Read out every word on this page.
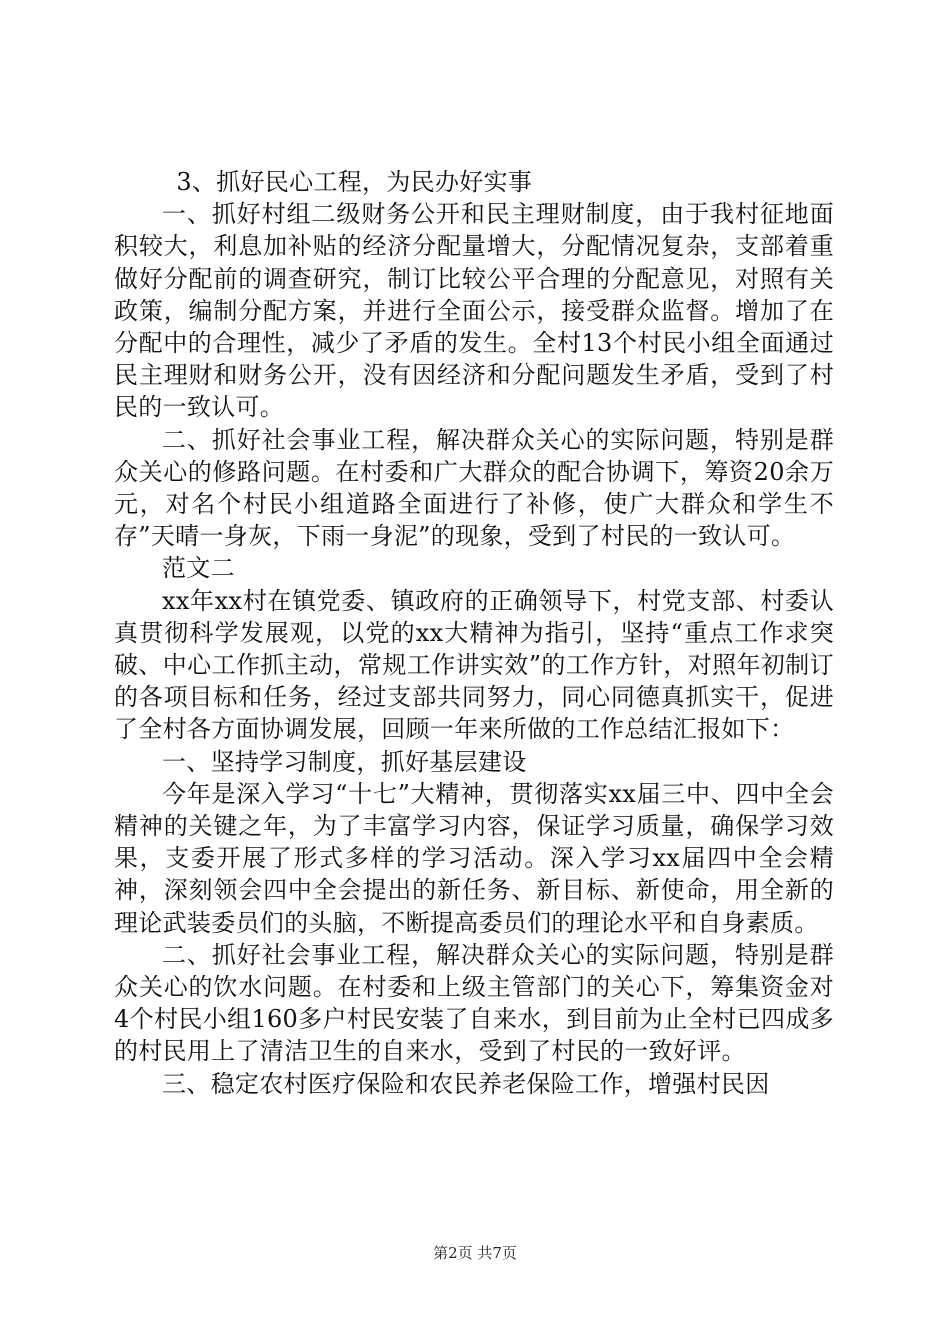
3、抓好民心工程，为民办好实事

一、抓好村组二级财务公开和民主理财制度，由于我村征地面积较大，利息加补贴的经济分配量增大，分配情况复杂，支部着重做好分配前的调查研究，制订比较公平合理的分配意见，对照有关政策，编制分配方案，并进行全面公示，接受群众监督。增加了在分配中的合理性，减少了矛盾的发生。全村13个村民小组全面通过民主理财和财务公开，没有因经济和分配问题发生矛盾，受到了村民的一致认可。

二、抓好社会事业工程，解决群众关心的实际问题，特别是群众关心的修路问题。在村委和广大群众的配合协调下，筹资20余万元，对名个村民小组道路全面进行了补修，使广大群众和学生不存”天晴一身灰，下雨一身泥”的现象，受到了村民的一致认可。

范文二

xx年xx村在镇党委、镇政府的正确领导下，村党支部、村委认真贯彻科学发展观，以党的xx大精神为指引，坚持“重点工作求突破、中心工作抓主动，常规工作讲实效”的工作方针，对照年初制订的各项目标和任务，经过支部共同努力，同心同德真抓实干，促进了全村各方面协调发展，回顾一年来所做的工作总结汇报如下：

一、坚持学习制度，抓好基层建设

今年是深入学习“十七”大精神，贯彻落实xx届三中、四中全会精神的关键之年，为了丰富学习内容，保证学习质量，确保学习效果，支委开展了形式多样的学习活动。深入学习xx届四中全会精神，深刻领会四中全会提出的新任务、新目标、新使命，用全新的理论武装委员们的头脑，不断提高委员们的理论水平和自身素质。

二、抓好社会事业工程，解决群众关心的实际问题，特别是群众关心的饮水问题。在村委和上级主管部门的关心下，筹集资金对4个村民小组160多户村民安装了自来水，到目前为止全村已四成多的村民用上了清洁卫生的自来水，受到了村民的一致好评。

三、稳定农村医疗保险和农民养老保险工作，增强村民因

第2页 共7页
